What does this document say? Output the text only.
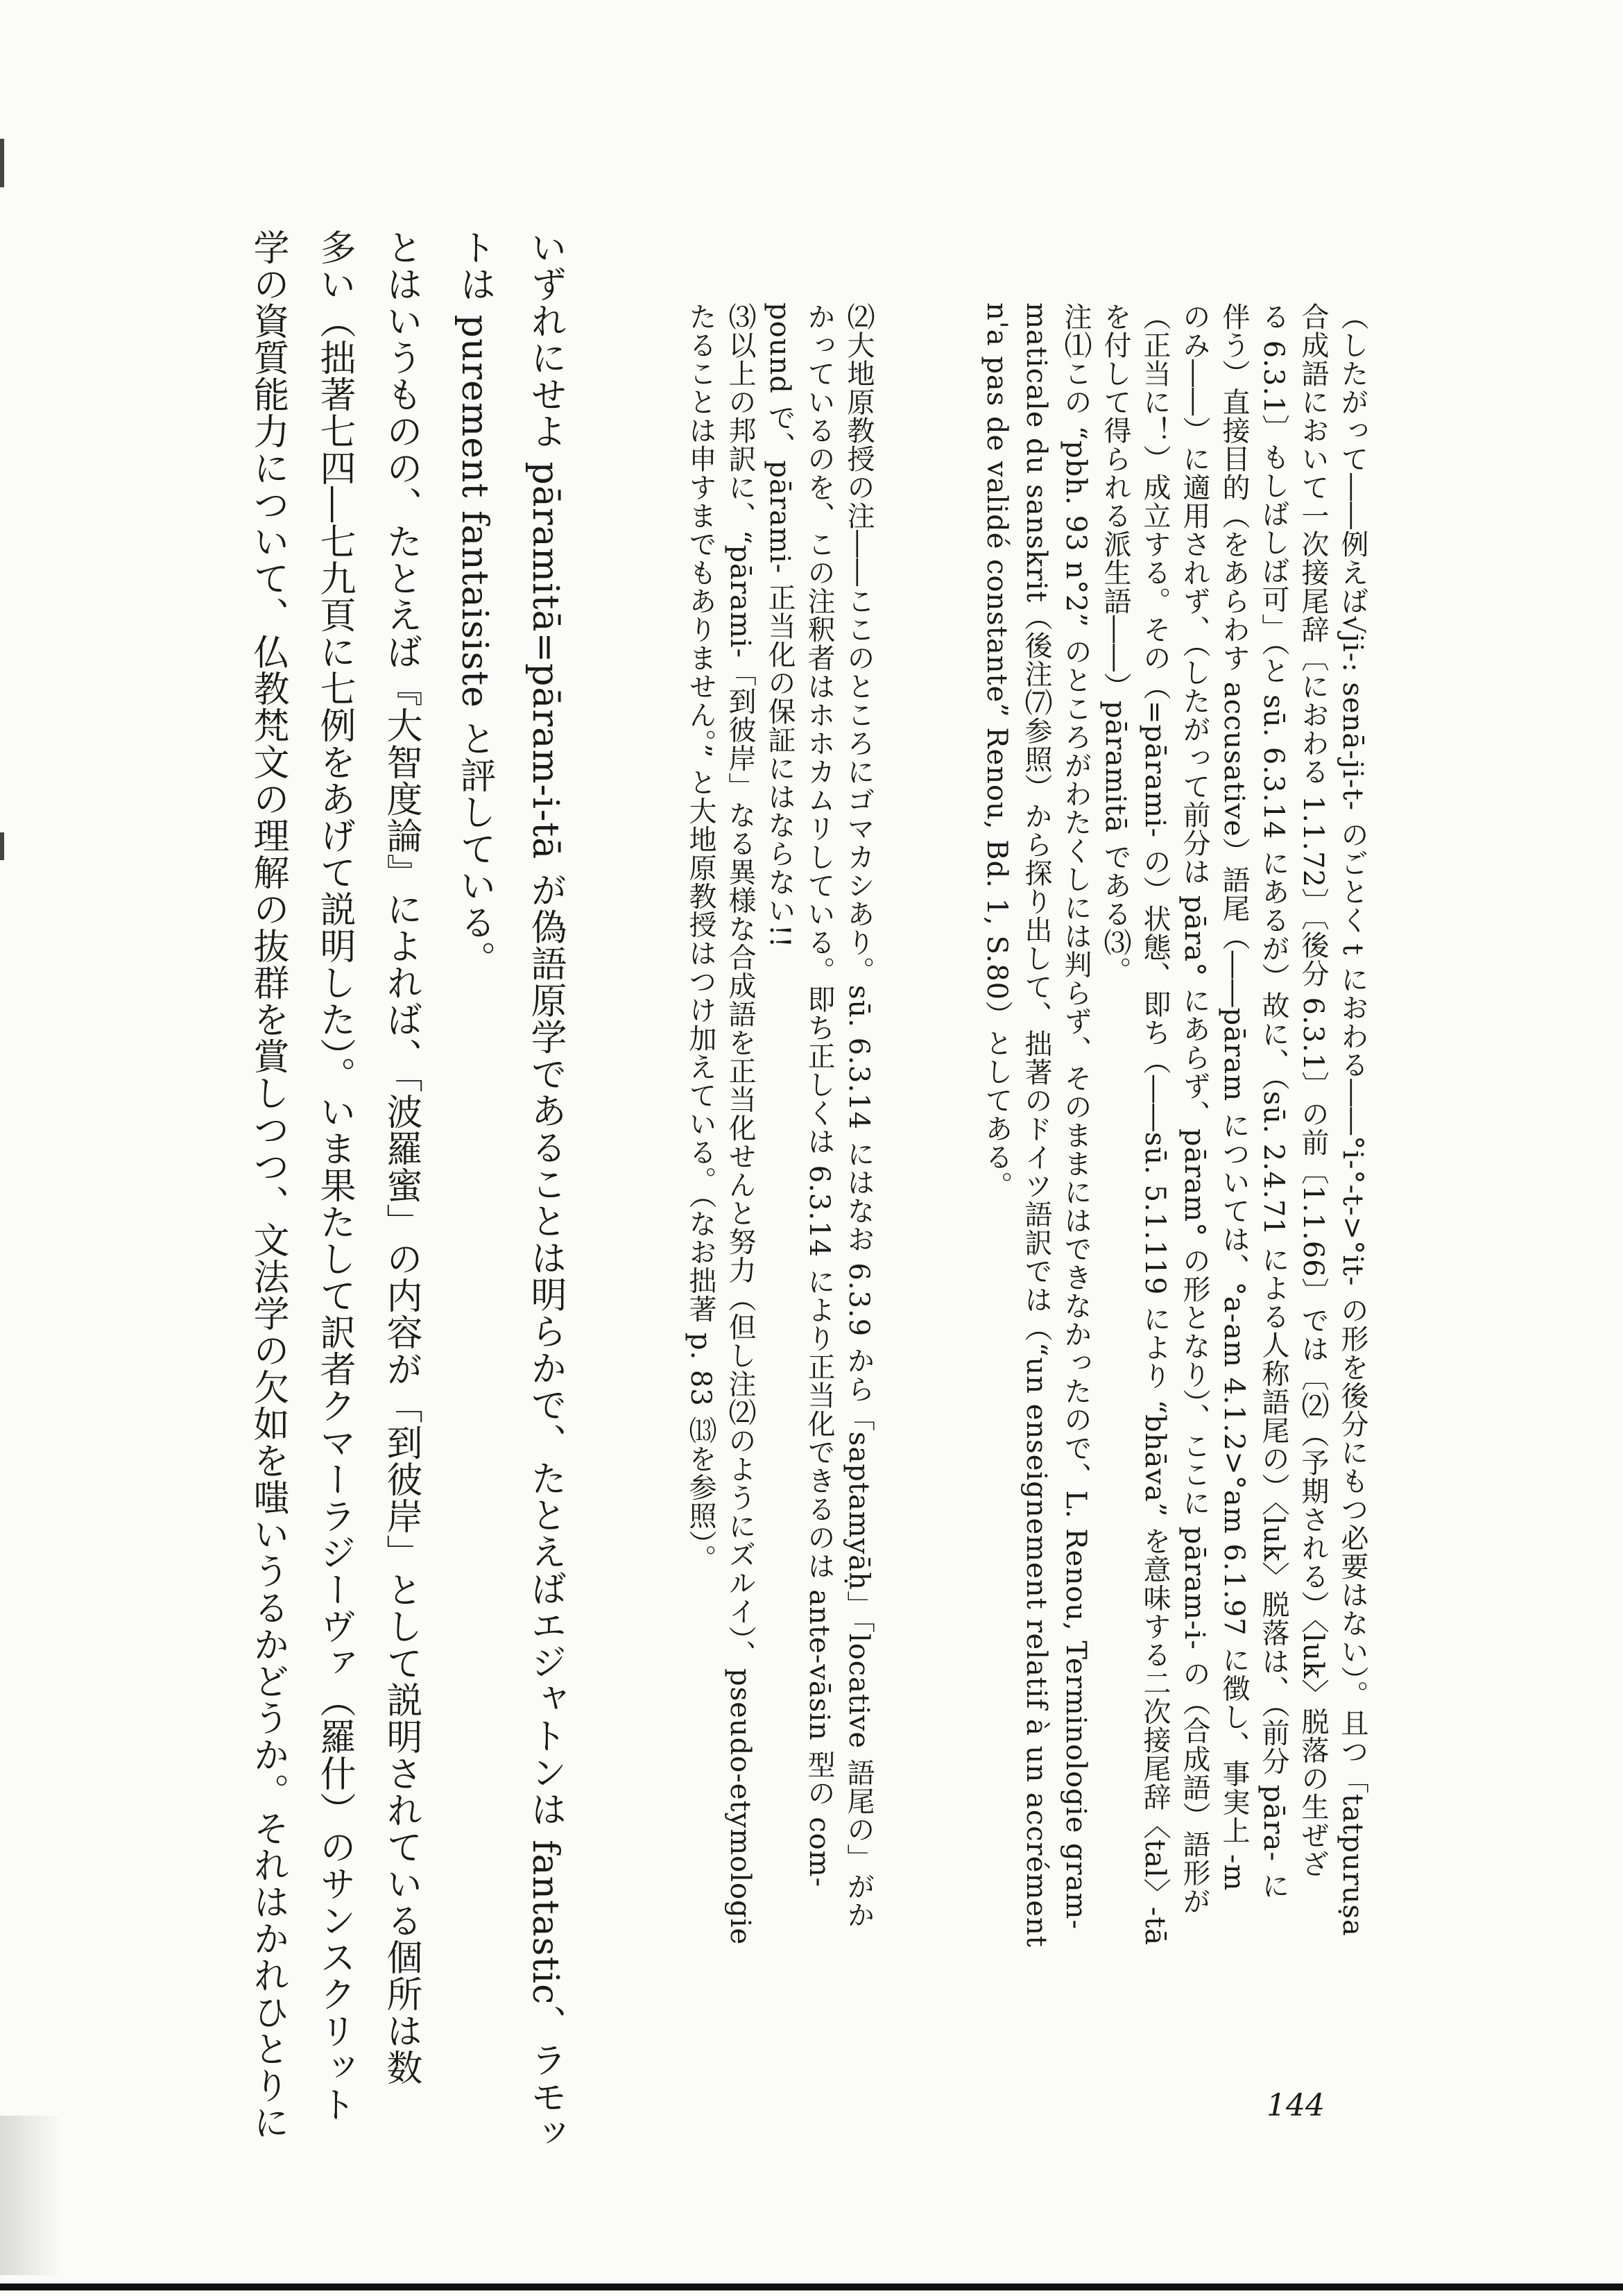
（したがって――例えば√ji-: senā-ji-t- のごとく t におわる――°i-°-t->°it- の形を後分にもつ必要はない）。且つ「tatpuruṣa
合成語において一次接尾辞〔におわる 1.1.72〕〔後分 6.3.1〕の前〔1.1.66〕では〔⑵（予期される）〈luk〉脱落の生ぜざ
る 6.3.1〕もしばしば可」（と sū. 6.3.14 にあるが）故に、（sū. 2.4.71 による人称語尾の）〈luk〉脱落は、（前分 pāra- に
伴う）直接目的（をあらわす accusative）語尾（――pāram については、°a-am 4.1.2>°am 6.1.97 に徴し、事実上 -m
のみ――）に適用されず、（したがって前分は pāra° にあらず、pāram° の形となり）、ここに pāram-i- の（合成語）語形が
（正当に！）成立する。その（=pārami- の）状態、即ち（――sū. 5.1.119 により “bhāva” を意味する二次接尾辞〈tal〉-tā
を付して得られる派生語――）pāramitā である⑶。
注⑴この “pbh. 93 n°2” のところがわたくしには判らず、そのままにはできなかったので、L. Renou, Terminologie gram-
maticale du sanskrit（後注⑺参照）から探り出して、拙著のドイツ語訳では（“un enseignement relatif à un accrément
n'a pas de validé constante” Renou, Bd. 1, S.80）としてある。
⑵大地原教授の注――ここのところにゴマカシあり。sū. 6.3.14 にはなお 6.3.9 から「saptamyāḥ」「locative 語尾の」がか
かっているのを、この注釈者はホホカムリしている。即ち正しくは 6.3.14 により正当化できるのは ante-vāsin 型の com-
pound で、pārami- 正当化の保証にはならない!!
⑶以上の邦訳に、“pārami-「到彼岸」なる異様な合成語を正当化せんと努力（但し注⑵のようにズルイ）、pseudo-etymologie
たることは申すまでもありません。” と大地原教授はつけ加えている。（なお拙著 p. 83 ⒀を参照）。
いずれにせよ pāramitā=pāram-i-tā が偽語原学であることは明らかで、たとえばエジャトンは fantastic、ラモッ
トは purement fantaisiste と評している。
とはいうものの、たとえば『大智度論』によれば、「波羅蜜」の内容が「到彼岸」として説明されている個所は数
多い（拙著七四―七九頁に七例をあげて説明した）。いま果たして訳者クマーラジーヴァ（羅什）のサンスクリット
学の資質能力について、仏教梵文の理解の抜群を賞しつつ、文法学の欠如を嗤いうるかどうか。それはかれひとりに	144
